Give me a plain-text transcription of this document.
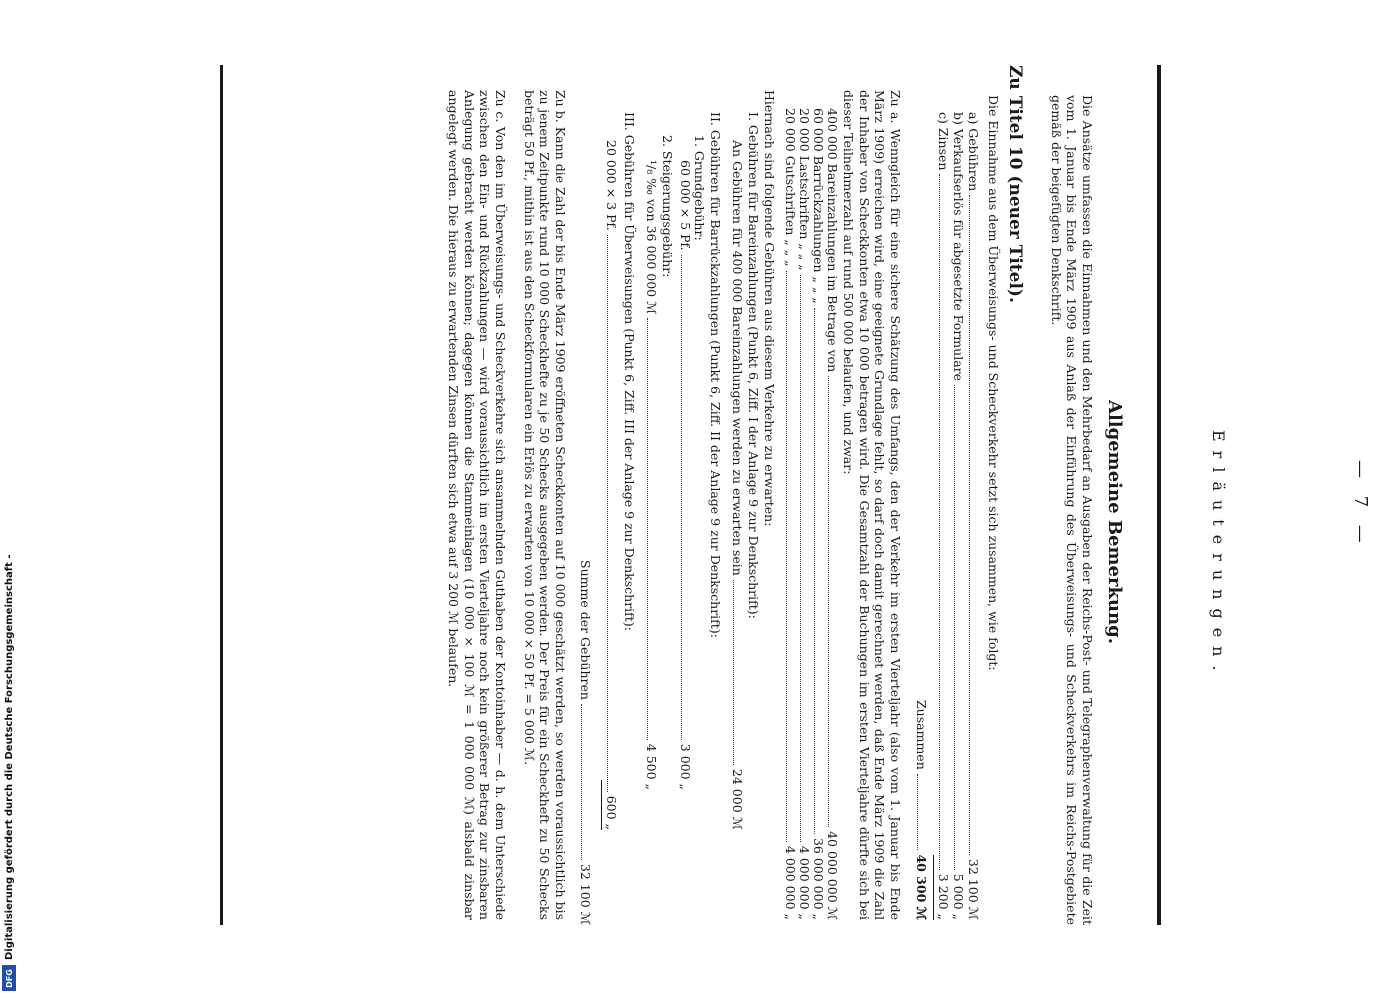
— 7 —
Erläuterungen.
Allgemeine Bemerkung.
Die Ansätze umfassen die Einnahmen und den Mehrbedarf an Ausgaben der Reichs-Post- und Telegraphenverwaltung für die Zeit vom 1. Januar bis Ende März 1909 aus Anlaß der Einführung des Überweisungs- und Scheckverkehrs im Reichs-Postgebiete gemäß der beigefügten Denkschrift.
Zu Titel 10 (neuer Titel).
Die Einnahme aus dem Überweisungs- und Scheckverkehr setzt sich zusammen, wie folgt:
a) Gebühren
32 100 ℳ
b) Verkaufserlös für abgesetzte Formulare
5 000 „
c) Zinsen
3 200 „
Zusammen
40 300 ℳ
Zu a. Wenngleich für eine sichere Schätzung des Umfangs, den der Verkehr im ersten Vierteljahr (also vom 1. Januar bis Ende März 1909) erreichen wird, eine geeignete Grundlage fehlt, so darf doch damit gerechnet werden, daß Ende März 1909 die Zahl der Inhaber von Scheckkonten etwa 10 000 betragen wird. Die Gesamtzahl der Buchungen im ersten Vierteljahre dürfte sich bei dieser Teilnehmerzahl auf rund 500 000 belaufen, und zwar:
400 000 Bareinzahlungen im Betrage von
40 000 000 ℳ
60 000 Barrückzahlungen „ „ „
36 000 000 „
20 000 Lastschriften „ „ „
4 000 000 „
20 000 Gutschriften „ „ „
4 000 000 „
Hiernach sind folgende Gebühren aus diesem Verkehre zu erwarten:
I. Gebühren für Bareinzahlungen (Punkt 6, Ziff. I der Anlage 9 zur Denkschrift):
An Gebühren für 400 000 Bareinzahlungen werden zu erwarten sein
24 000 ℳ
II. Gebühren für Barrückzahlungen (Punkt 6, Ziff. II der Anlage 9 zur Denkschrift):
1. Grundgebühr:
60 000 × 5 Pf.
3 000 „
2. Steigerungsgebühr:
¹/₈ ‰ von 36 000 000 ℳ
4 500 „
III. Gebühren für Überweisungen (Punkt 6, Ziff. III der Anlage 9 zur Denkschrift):
20 000 × 3 Pf.
600 „
Summe der Gebühren
32 100 ℳ
Zu b. Kann die Zahl der bis Ende März 1909 eröffneten Scheckkonten auf 10 000 geschätzt werden, so werden voraussichtlich bis zu jenem Zeitpunkte rund 10 000 Scheckhefte zu je 50 Schecks ausgegeben werden. Der Preis für ein Scheckheft zu 50 Schecks beträgt 50 Pf., mithin ist aus den Scheckformularen ein Erlös zu erwarten von 10 000 × 50 Pf. = 5 000 ℳ.
Zu c. Von den im Überweisungs- und Scheckverkehre sich ansammelnden Guthaben der Kontoinhaber — d. h. dem Unterschiede zwischen den Ein- und Rückzahlungen — wird voraussichtlich im ersten Vierteljahre noch kein größerer Betrag zur zinsbaren Anlegung gebracht werden können; dagegen können die Stammeinlagen (10 000 × 100 ℳ = 1 000 000 ℳ) alsbald zinsbar angelegt werden. Die hieraus zu erwartenden Zinsen dürften sich etwa auf 3 200 ℳ belaufen.
Digitalisierung gefördert durch die Deutsche Forschungsgemeinschaft -
DFG
